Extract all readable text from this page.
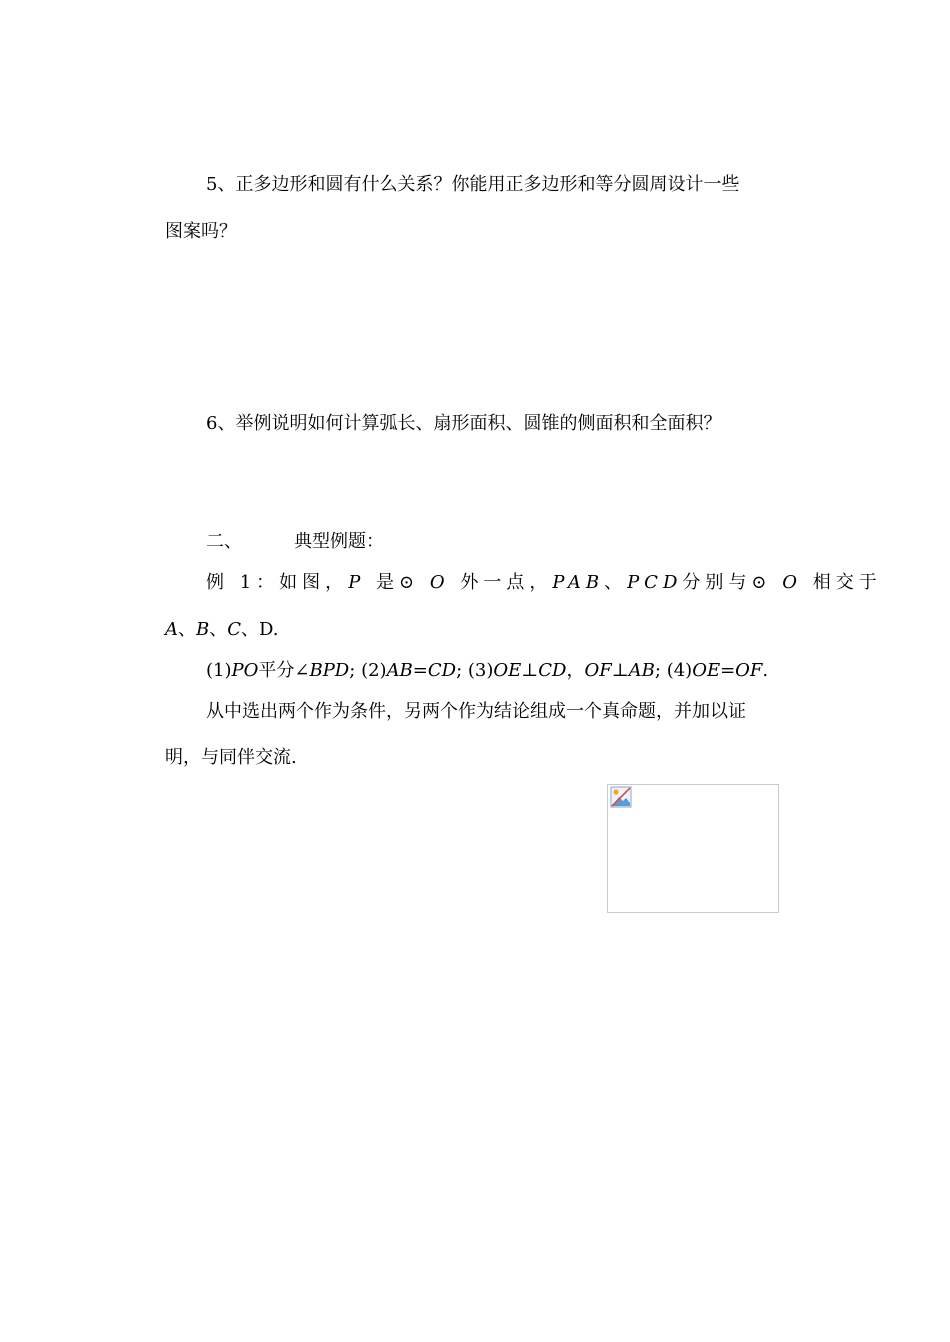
5、正多边形和圆有什么关系？你能用正多边形和等分圆周设计一些
图案吗？
6、举例说明如何计算弧长、扇形面积、圆锥的侧面积和全面积？
二、	典型例题：
例 1：如图，P 是⊙ O 外一点，PAB、PCD分别与⊙ O 相交于
A、B、C、D.
(1)PO平分∠BPD; (2)AB=CD; (3)OE⊥CD，OF⊥AB; (4)OE=OF.
从中选出两个作为条件，另两个作为结论组成一个真命题，并加以证
明，与同伴交流.
